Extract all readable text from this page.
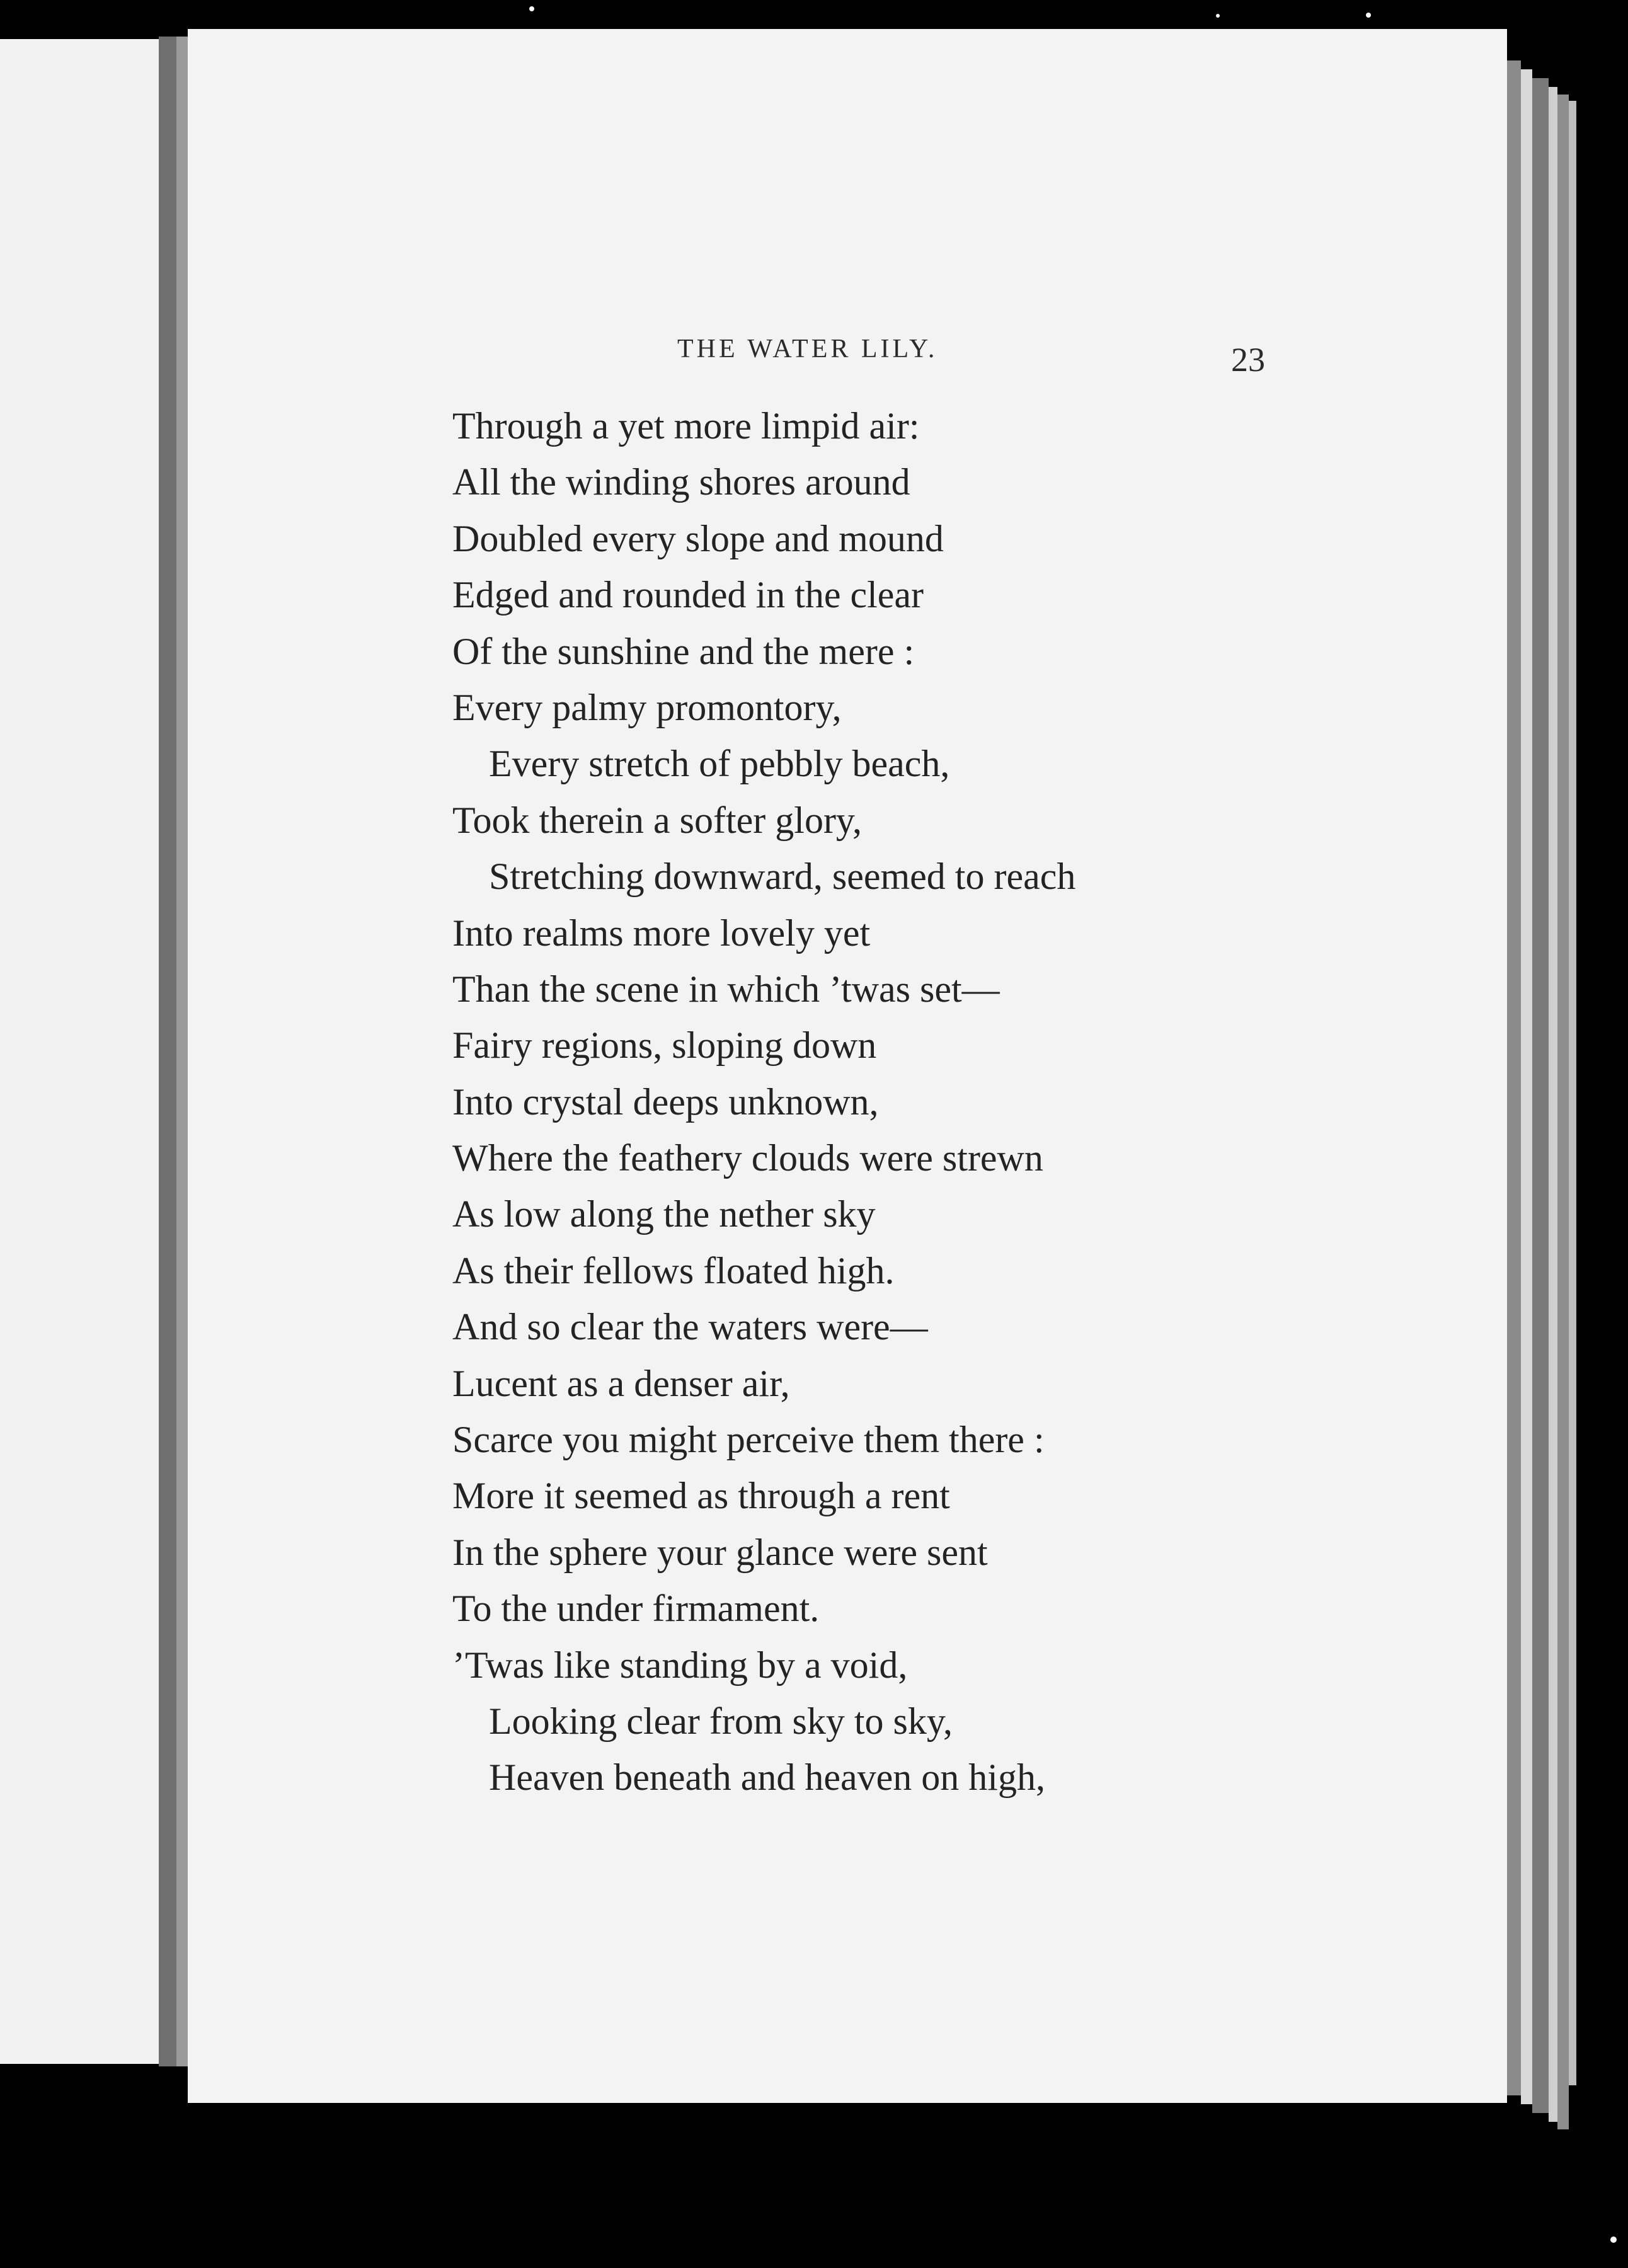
THE WATER LILY.	23
Through a yet more limpid air:
All the winding shores around
Doubled every slope and mound
Edged and rounded in the clear
Of the sunshine and the mere :
Every palmy promontory,
Every stretch of pebbly beach,
Took therein a softer glory,
Stretching downward, seemed to reach
Into realms more lovely yet
Than the scene in which ’twas set—
Fairy regions, sloping down
Into crystal deeps unknown,
Where the feathery clouds were strewn
As low along the nether sky
As their fellows floated high.
And so clear the waters were—
Lucent as a denser air,
Scarce you might perceive them there :
More it seemed as through a rent
In the sphere your glance were sent
To the under firmament.
’Twas like standing by a void,
Looking clear from sky to sky,
Heaven beneath and heaven on high,
